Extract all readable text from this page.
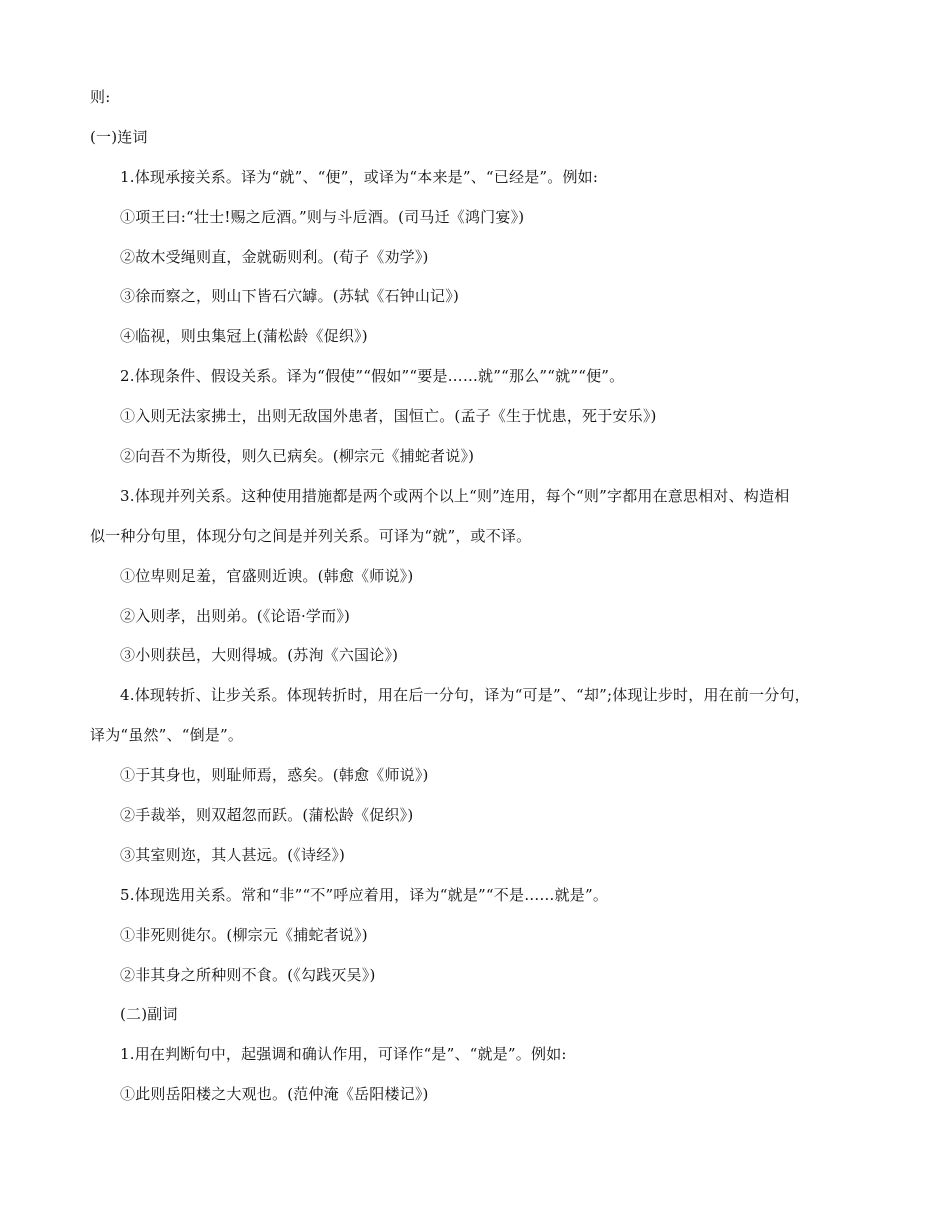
则:
(一)连词
1.体现承接关系。译为“就”、“便”，或译为“本来是”、“已经是”。例如:
①项王曰:“壮士!赐之卮酒。”则与斗卮酒。(司马迁《鸿门宴》)
②故木受绳则直，金就砺则利。(荀子《劝学》)
③徐而察之，则山下皆石穴罅。(苏轼《石钟山记》)
④临视，则虫集冠上(蒲松龄《促织》)
2.体现条件、假设关系。译为“假使”“假如”“要是……就”“那么”“就”“便”。
①入则无法家拂士，出则无敌国外患者，国恒亡。(孟子《生于忧患，死于安乐》)
②向吾不为斯役，则久已病矣。(柳宗元《捕蛇者说》)
3.体现并列关系。这种使用措施都是两个或两个以上“则”连用，每个“则”字都用在意思相对、构造相
似一种分句里，体现分句之间是并列关系。可译为“就”，或不译。
①位卑则足羞，官盛则近谀。(韩愈《师说》)
②入则孝，出则弟。(《论语·学而》)
③小则获邑，大则得城。(苏洵《六国论》)
4.体现转折、让步关系。体现转折时，用在后一分句，译为“可是”、“却”;体现让步时，用在前一分句，
译为“虽然”、“倒是”。
①于其身也，则耻师焉，惑矣。(韩愈《师说》)
②手裁举，则双超忽而跃。(蒲松龄《促织》)
③其室则迩，其人甚远。(《诗经》)
5.体现选用关系。常和“非”“不”呼应着用，译为“就是”“不是……就是”。
①非死则徙尔。(柳宗元《捕蛇者说》)
②非其身之所种则不食。(《勾践灭吴》)
(二)副词
1.用在判断句中，起强调和确认作用，可译作“是”、“就是”。例如:
①此则岳阳楼之大观也。(范仲淹《岳阳楼记》)
